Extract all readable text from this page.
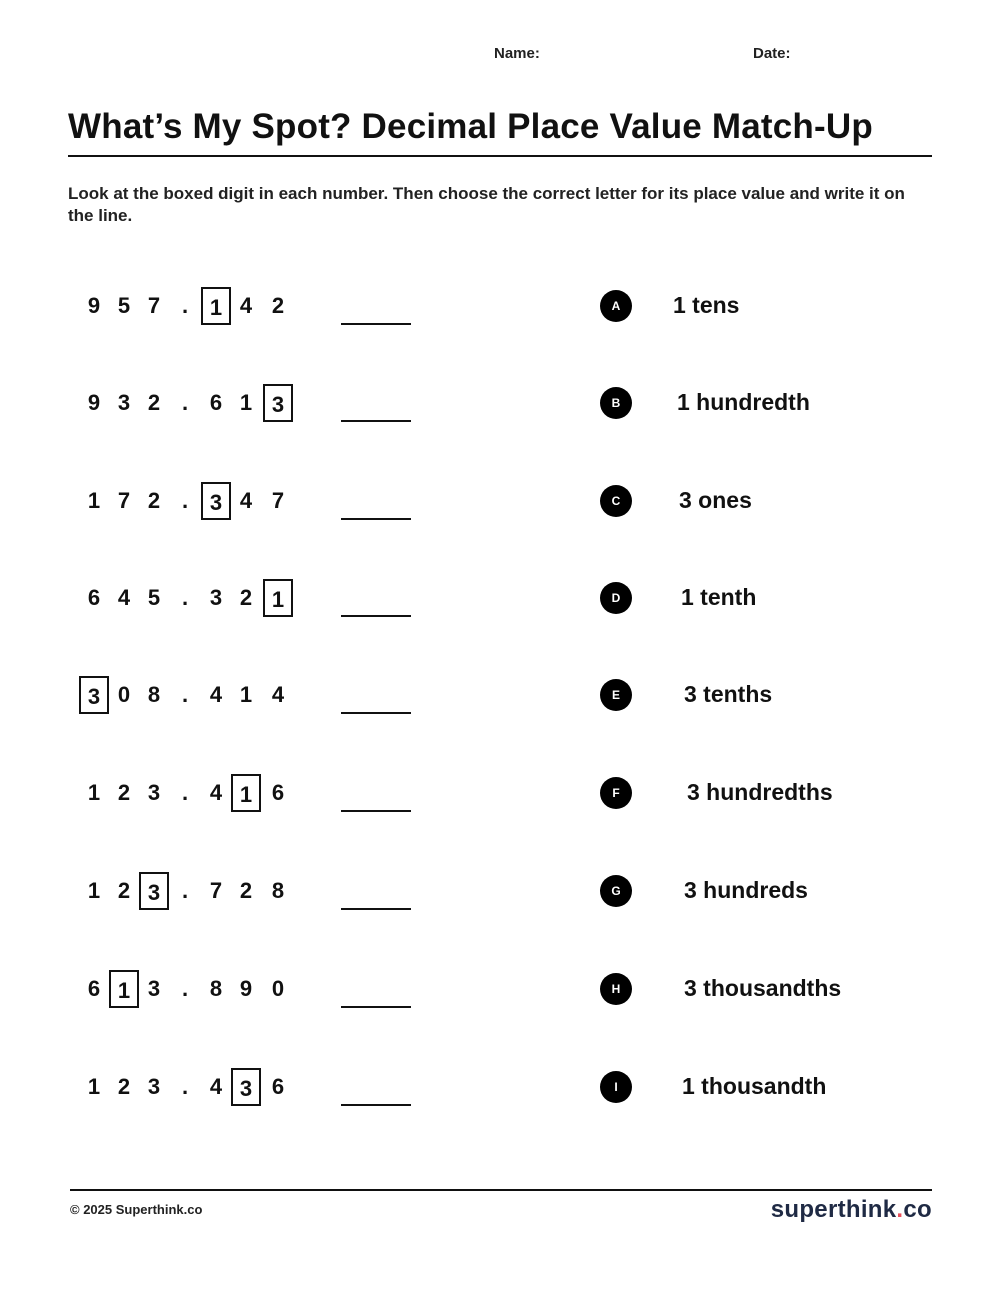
Name:	Date:
What’s My Spot? Decimal Place Value Match-Up
Look at the boxed digit in each number. Then choose the correct letter for its place value and write it on the line.
9 5 7 . 1 4 2	A	1 tens
9 3 2 . 6 1 3	B	1 hundredth
1 7 2 . 3 4 7	C	3 ones
6 4 5 . 3 2 1	D	1 tenth
3 0 8 . 4 1 4	E	3 tenths
1 2 3 . 4 1 6	F	3 hundredths
1 2 3 . 7 2 8	G	3 hundreds
6 1 3 . 8 9 0	H	3 thousandths
1 2 3 . 4 3 6	I	1 thousandth
© 2025 Superthink.co	superthink.co
